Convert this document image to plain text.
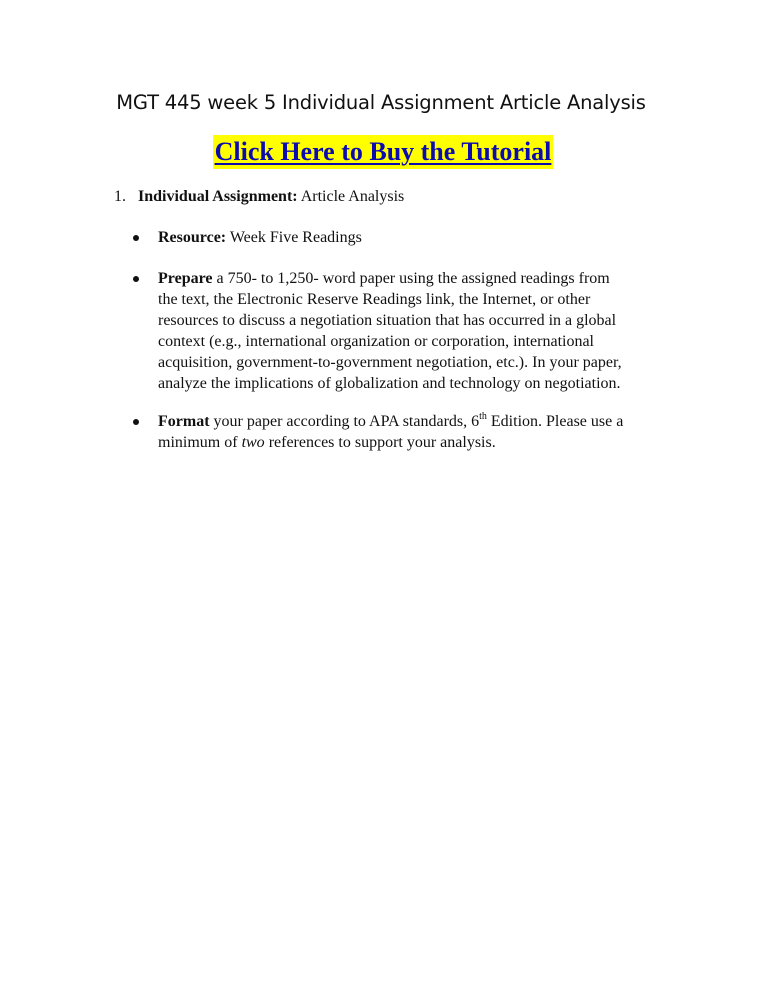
MGT 445 week 5 Individual Assignment Article Analysis
Click Here to Buy the Tutorial
1. Individual Assignment: Article Analysis
Resource: Week Five Readings
Prepare a 750- to 1,250- word paper using the assigned readings from
the text, the Electronic Reserve Readings link, the Internet, or other
resources to discuss a negotiation situation that has occurred in a global
context (e.g., international organization or corporation, international
acquisition, government-to-government negotiation, etc.). In your paper,
analyze the implications of globalization and technology on negotiation.
Format your paper according to APA standards, 6th Edition. Please use a
minimum of two references to support your analysis.
